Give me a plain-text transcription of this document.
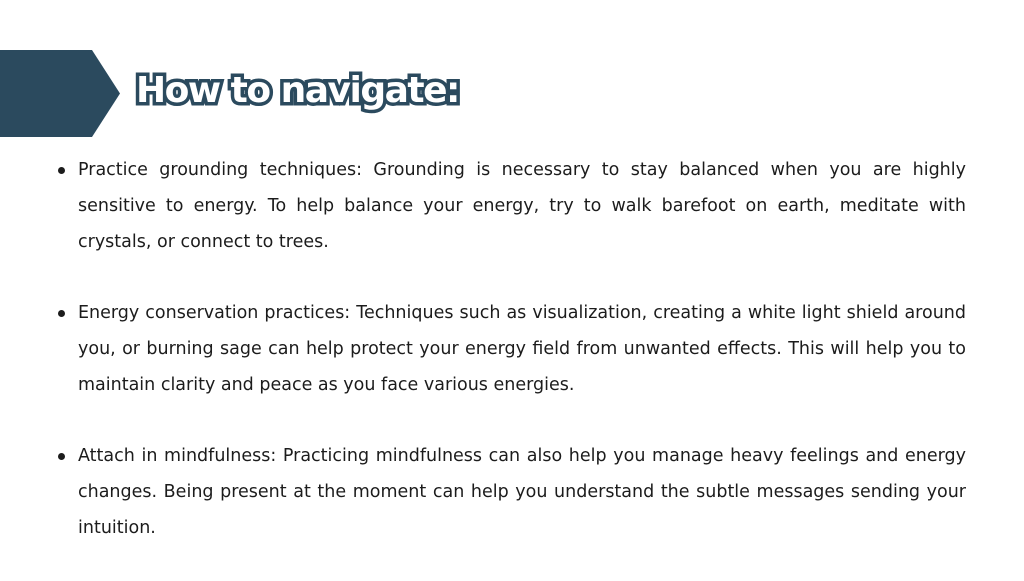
How to navigate:
Practice grounding techniques: Grounding is necessary to stay balanced when you are highly sensitive to energy. To help balance your energy, try to walk barefoot on earth, meditate with crystals, or connect to trees.
Energy conservation practices: Techniques such as visualization, creating a white light shield around you, or burning sage can help protect your energy field from unwanted effects. This will help you to maintain clarity and peace as you face various energies.
Attach in mindfulness: Practicing mindfulness can also help you manage heavy feelings and energy changes. Being present at the moment can help you understand the subtle messages sending your intuition.
